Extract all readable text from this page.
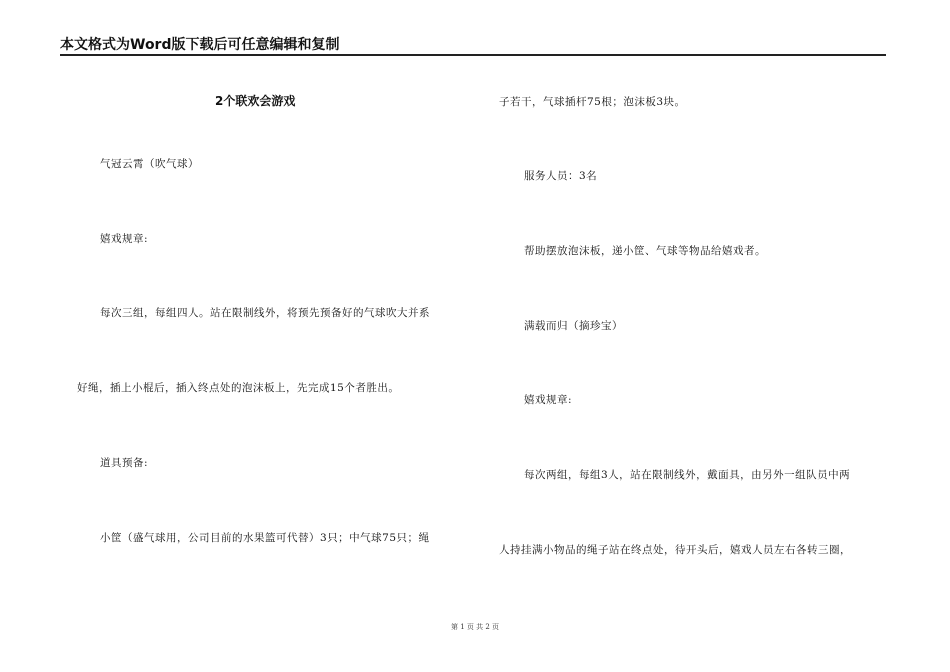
本文格式为Word版下载后可任意编辑和复制
2个联欢会游戏
气冠云霄（吹气球）
嬉戏规章:
每次三组，每组四人。站在限制线外，将预先预备好的气球吹大并系
好绳，插上小棍后，插入终点处的泡沫板上，先完成15个者胜出。
道具预备:
小筐（盛气球用，公司目前的水果篮可代替）3只；中气球75只；绳
子若干，气球插杆75根；泡沫板3块。
服务人员：3名
帮助摆放泡沫板，递小筐、气球等物品给嬉戏者。
满载而归（摘珍宝）
嬉戏规章:
每次两组，每组3人，站在限制线外，戴面具，由另外一组队员中两
人持挂满小物品的绳子站在终点处，待开头后，嬉戏人员左右各转三圈，
第 1 页 共 2 页
